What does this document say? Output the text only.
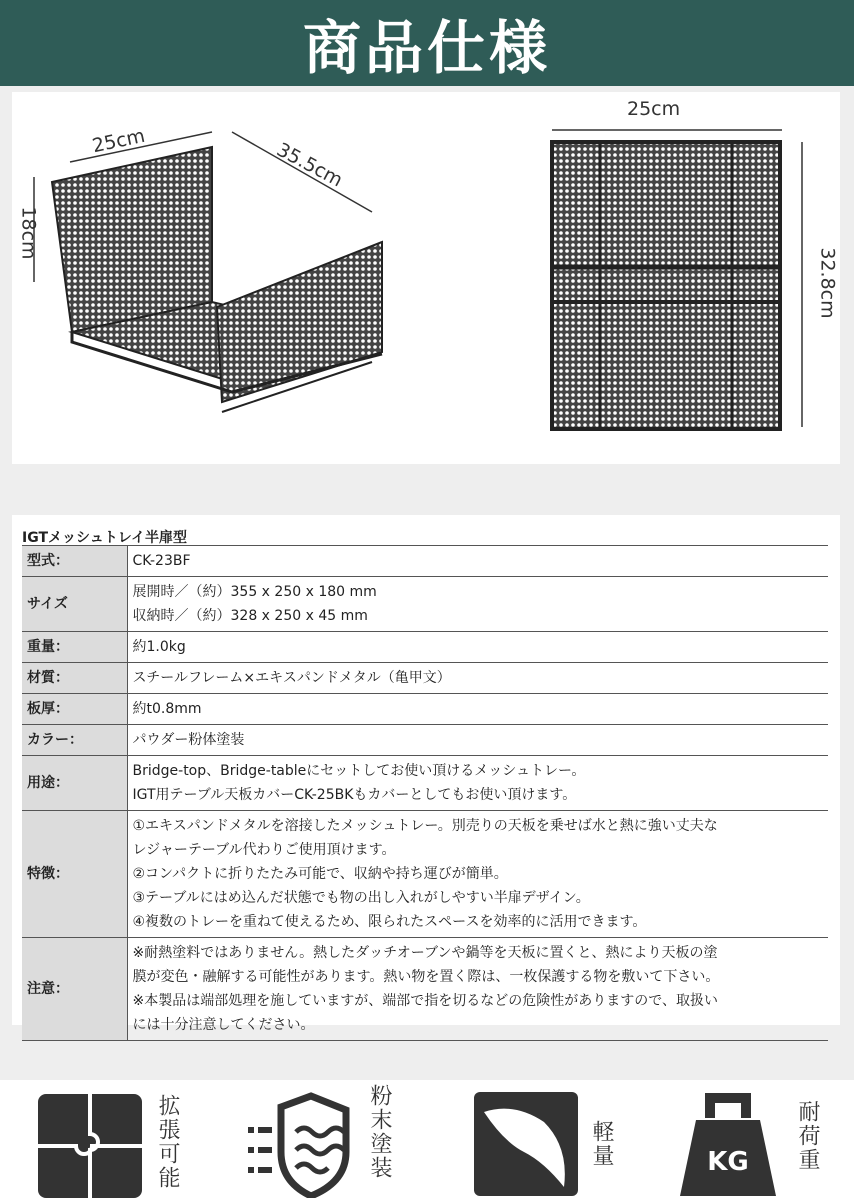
商品仕様
25cm	35.5cm
18cm
25cm
32.8cm
IGTメッシュトレイ半扉型
型式：	CK-23BF

サイズ	展開時／（約）355 x 250 x 180 mm
収納時／（約）328 x 250 x 45 mm

重量：	約1.0kg

材質：	スチールフレーム×エキスパンドメタル（亀甲文）

板厚：	約t0.8mm

カラー：	パウダー粉体塗装

用途：	Bridge-top、Bridge-tableにセットしてお使い頂けるメッシュトレー。
IGT用テーブル天板カバーCK-25BKもカバーとしてもお使い頂けます。

特徴：	①エキスパンドメタルを溶接したメッシュトレー。別売りの天板を乗せば水と熱に強い丈夫な
レジャーテーブル代わりご使用頂けます。
②コンパクトに折りたたみ可能で、収納や持ち運びが簡単。
③テーブルにはめ込んだ状態でも物の出し入れがしやすい半扉デザイン。
④複数のトレーを重ねて使えるため、限られたスペースを効率的に活用できます。

注意：	※耐熱塗料ではありません。熱したダッチオーブンや鍋等を天板に置くと、熱により天板の塗
膜が変色・融解する可能性があります。熱い物を置く際は、一枚保護する物を敷いて下さい。
※本製品は端部処理を施していますが、端部で指を切るなどの危険性がありますので、取扱い
には十分注意してください。
拡張可能	粉末塗装	軽量	KG 耐荷重
